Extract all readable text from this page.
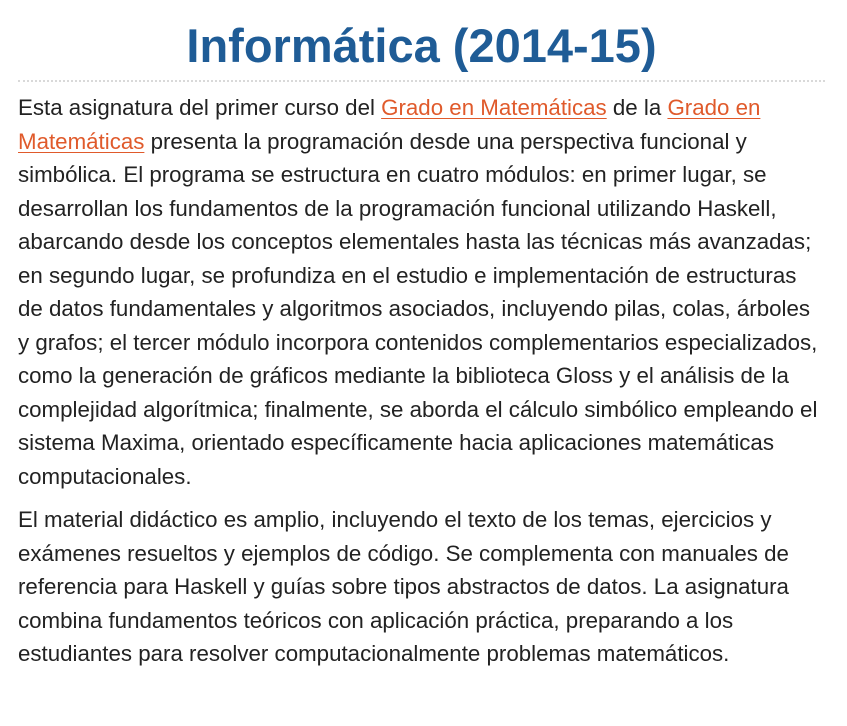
Informática (2014-15)

Esta asignatura del primer curso del Grado en Matemáticas de la Grado en Matemáticas presenta la programación desde una perspectiva funcional y simbólica. El programa se estructura en cuatro módulos: en primer lugar, se desarrollan los fundamentos de la programación funcional utilizando Haskell, abarcando desde los conceptos elementales hasta las técnicas más avanzadas; en segundo lugar, se profundiza en el estudio e implementación de estructuras de datos fundamentales y algoritmos asociados, incluyendo pilas, colas, árboles y grafos; el tercer módulo incorpora contenidos complementarios especializados, como la generación de gráficos mediante la biblioteca Gloss y el análisis de la complejidad algorítmica; finalmente, se aborda el cálculo simbólico empleando el sistema Maxima, orientado específicamente hacia aplicaciones matemáticas computacionales.

El material didáctico es amplio, incluyendo el texto de los temas, ejercicios y exámenes resueltos y ejemplos de código. Se complementa con manuales de referencia para Haskell y guías sobre tipos abstractos de datos. La asignatura combina fundamentos teóricos con aplicación práctica, preparando a los estudiantes para resolver computacionalmente problemas matemáticos.
